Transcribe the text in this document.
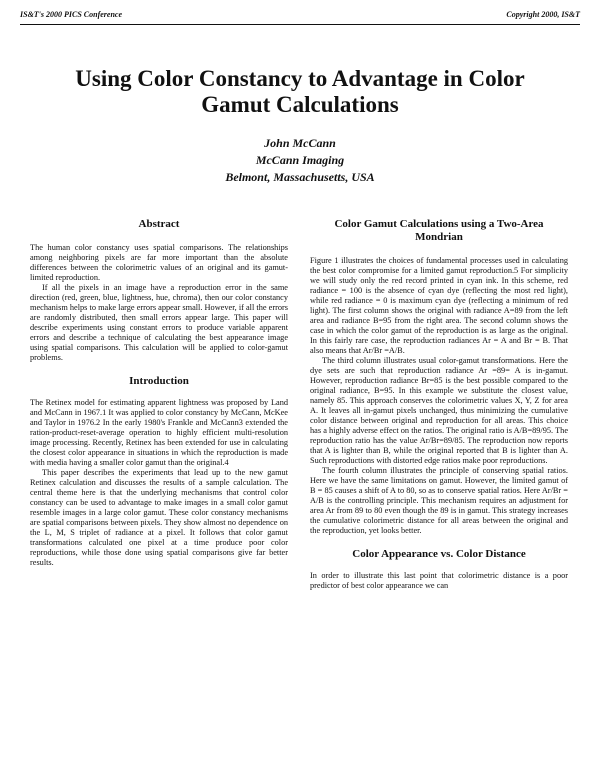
IS&T's 2000 PICS Conference	Copyright 2000, IS&T
Using Color Constancy to Advantage in Color Gamut Calculations
John McCann
McCann Imaging
Belmont, Massachusetts, USA
Abstract

The human color constancy uses spatial comparisons. The relationships among neighboring pixels are far more important than the absolute differences between the colorimetric values of an original and its gamut-limited reproduction.

If all the pixels in an image have a reproduction error in the same direction (red, green, blue, lightness, hue, chroma), then our color constancy mechanism helps to make large errors appear small. However, if all the errors are randomly distributed, then small errors appear large. This paper will describe experiments using constant errors to produce variable apparent errors and describe a technique of calculating the best appearance image using spatial comparisons. This calculation will be applied to color-gamut problems.

Introduction

The Retinex model for estimating apparent lightness was proposed by Land and McCann in 1967.1 It was applied to color constancy by McCann, McKee and Taylor in 1976.2 In the early 1980's Frankle and McCann3 extended the ration-product-reset-average operation to highly efficient multi-resolution image processing. Recently, Retinex has been extended for use in calculating the closest color appearance in situations in which the reproduction is made with media having a smaller color gamut than the original.4

This paper describes the experiments that lead up to the new gamut Retinex calculation and discusses the results of a sample calculation. The central theme here is that the underlying mechanisms that control color constancy can be used to advantage to make images in a small color gamut resemble images in a large color gamut. These color constancy mechanisms are spatial comparisons between pixels. They show almost no dependence on the L, M, S triplet of radiance at a pixel. It follows that color gamut transformations calculated one pixel at a time produce poor color reproductions, while those done using spatial comparisons give far better results.

Color Gamut Calculations using a Two-Area Mondrian

Figure 1 illustrates the choices of fundamental processes used in calculating the best color compromise for a limited gamut reproduction.5 For simplicity we will study only the red record printed in cyan ink. In this scheme, red radiance = 100 is the absence of cyan dye (reflecting the most red light), while red radiance = 0 is maximum cyan dye (reflecting a minimum of red light). The first column shows the original with radiance A=89 from the left area and radiance B=95 from the right area. The second column shows the case in which the color gamut of the reproduction is as large as the original. In this fairly rare case, the reproduction radiances Ar = A and Br = B. That also means that Ar/Br =A/B.

The third column illustrates usual color-gamut transformations. Here the dye sets are such that reproduction radiance Ar =89= A is in-gamut. However, reproduction radiance Br=85 is the best possible compared to the original radiance, B=95. In this example we substitute the closest value, namely 85. This approach conserves the colorimetric values X, Y, Z for area A. It leaves all in-gamut pixels unchanged, thus minimizing the cumulative color distance between original and reproduction for all areas. This choice has a highly adverse effect on the ratios. The original ratio is A/B=89/95. The reproduction ratio has the value Ar/Br=89/85. The reproduction now reports that A is lighter than B, while the original reported that B is lighter than A. Such reproductions with distorted edge ratios make poor reproductions.

The fourth column illustrates the principle of conserving spatial ratios. Here we have the same limitations on gamut. However, the limited gamut of B = 85 causes a shift of A to 80, so as to conserve spatial ratios. Here Ar/Br = A/B is the controlling principle. This mechanism requires an adjustment for area Ar from 89 to 80 even though the 89 is in gamut. This strategy increases the cumulative colorimetric distance for all areas between the original and the reproduction, yet looks better.

Color Appearance vs. Color Distance

In order to illustrate this last point that colorimetric distance is a poor predictor of best color appearance we can
